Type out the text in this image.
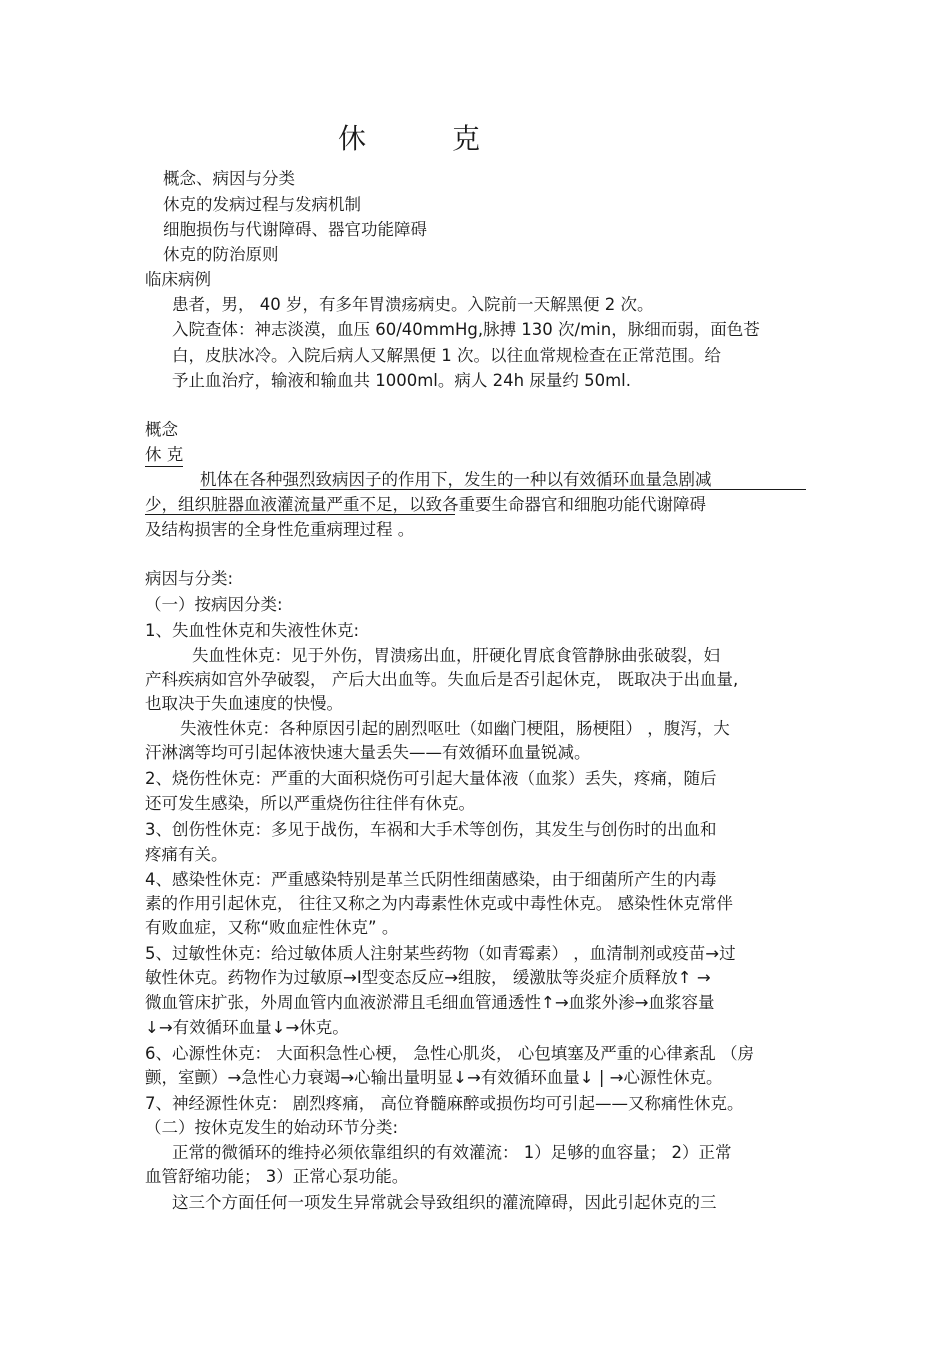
休	克
概念、病因与分类
休克的发病过程与发病机制
细胞损伤与代谢障碍、器官功能障碍
休克的防治原则
临床病例
患者，男， 40 岁，有多年胃溃疡病史。入院前一天解黑便 2 次。
入院查体：神志淡漠，血压 60/40mmHg,脉搏 130 次/min，脉细而弱，面色苍
白，皮肤冰冷。入院后病人又解黑便 1 次。以往血常规检查在正常范围。给
予止血治疗，输液和输血共 1000ml。病人 24h 尿量约 50ml.
概念
休 克
机体在各种强烈致病因子的作用下，发生的一种以有效循环血量急剧减
少，组织脏器血液灌流量严重不足，以致各重要生命器官和细胞功能代谢障碍
及结构损害的全身性危重病理过程 。
病因与分类:
（一）按病因分类:
1、失血性休克和失液性休克:
失血性休克：见于外伤，胃溃疡出血，肝硬化胃底食管静脉曲张破裂，妇
产科疾病如宫外孕破裂， 产后大出血等。失血后是否引起休克， 既取决于出血量,
也取决于失血速度的快慢。
失液性休克：各种原因引起的剧烈呕吐（如幽门梗阻，肠梗阻） ，腹泻，大
汗淋漓等均可引起体液快速大量丢失——有效循环血量锐减。
2、烧伤性休克：严重的大面积烧伤可引起大量体液（血浆）丢失，疼痛，随后
还可发生感染，所以严重烧伤往往伴有休克。
3、创伤性休克：多见于战伤，车祸和大手术等创伤，其发生与创伤时的出血和
疼痛有关。
4、感染性休克：严重感染特别是革兰氏阴性细菌感染，由于细菌所产生的内毒
素的作用引起休克， 往往又称之为内毒素性休克或中毒性休克。 感染性休克常伴
有败血症，又称“败血症性休克” 。
5、过敏性休克：给过敏体质人注射某些药物（如青霉素） ，血清制剂或疫苗→过
敏性休克。药物作为过敏原→Ⅰ型变态反应→组胺， 缓激肽等炎症介质释放↑ →
微血管床扩张，外周血管内血液淤滞且毛细血管通透性↑→血浆外渗→血浆容量
↓→有效循环血量↓→休克。
6、心源性休克： 大面积急性心梗， 急性心肌炎， 心包填塞及严重的心律紊乱 （房
颤，室颤）→急性心力衰竭→心输出量明显↓→有效循环血量↓ | →心源性休克。
7、神经源性休克： 剧烈疼痛， 高位脊髓麻醉或损伤均可引起——又称痛性休克。
（二）按休克发生的始动环节分类:
正常的微循环的维持必须依靠组织的有效灌流： 1）足够的血容量； 2）正常
血管舒缩功能； 3）正常心泵功能。
这三个方面任何一项发生异常就会导致组织的灌流障碍，因此引起休克的三
